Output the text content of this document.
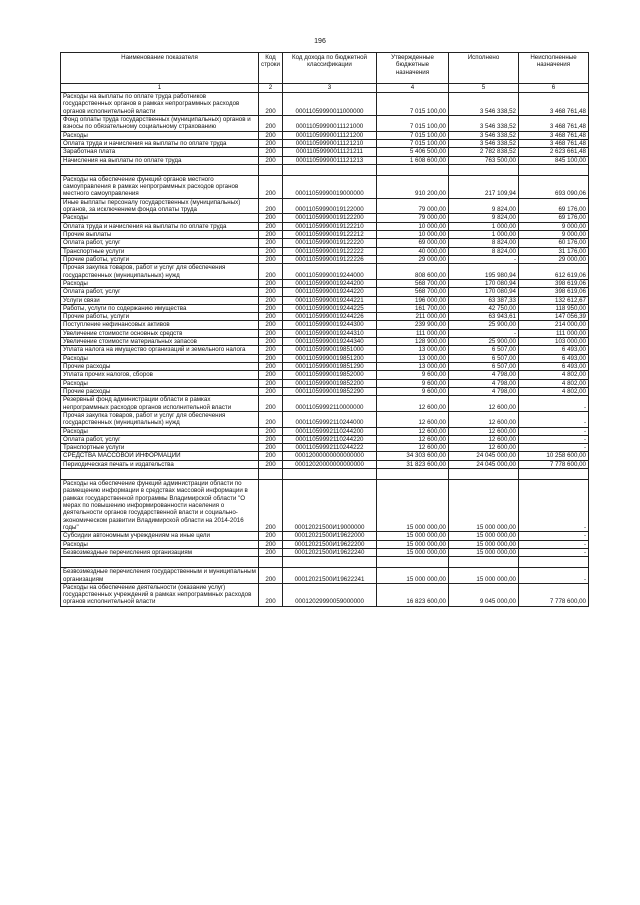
196
Наименование показателя	Код строки	Код дохода по бюджетной классификации	Утвержденные бюджетные назначения	Исполнено	Неисполненные назначения
1	2	3	4	5	6
Расходы на выплаты по оплате труда работников государственных органов в рамках непрограммных расходов органов исполнительной власти	200	00011059990011000000	7 015 100,00	3 546 338,52	3 468 761,48
Фонд оплаты труда государственных (муниципальных) органов и взносы по обязательному социальному страхованию	200	00011059990011121000	7 015 100,00	3 546 338,52	3 468 761,48
Расходы	200	00011059990011121200	7 015 100,00	3 546 338,52	3 468 761,48
Оплата труда и начисления на выплаты по оплате труда	200	00011059990011121210	7 015 100,00	3 546 338,52	3 468 761,48
Заработная плата	200	00011059990011121211	5 406 500,00	2 782 838,52	2 623 661,48
Начисления на выплаты по оплате труда	200	00011059990011121213	1 608 600,00	763 500,00	845 100,00

Расходы на обеспечение функций органов местного самоуправления в рамках непрограммных расходов органов местного самоуправления	200	00011059990019000000	910 200,00	217 109,94	693 090,06
Иные выплаты персоналу государственных (муниципальных) органов, за исключением фонда оплаты труда	200	00011059990019122000	79 000,00	9 824,00	69 176,00
Расходы	200	00011059990019122200	79 000,00	9 824,00	69 176,00
Оплата труда и начисления на выплаты по оплате труда	200	00011059990019122210	10 000,00	1 000,00	9 000,00
Прочие выплаты	200	00011059990019122212	10 000,00	1 000,00	9 000,00
Оплата работ, услуг	200	00011059990019122220	69 000,00	8 824,00	60 176,00
Транспортные услуги	200	00011059990019122222	40 000,00	8 824,00	31 176,00
Прочие работы, услуги	200	00011059990019122226	29 000,00	-	29 000,00
Прочая закупка товаров, работ и услуг для обеспечения государственных (муниципальных) нужд	200	00011059990019244000	808 600,00	195 980,94	612 619,06
Расходы	200	00011059990019244200	568 700,00	170 080,94	398 619,06
Оплата работ, услуг	200	00011059990019244220	568 700,00	170 080,94	398 619,06
Услуги связи	200	00011059990019244221	196 000,00	63 387,33	132 612,67
Работы, услуги по содержанию имущества	200	00011059990019244225	161 700,00	42 750,00	118 950,00
Прочие работы, услуги	200	00011059990019244226	211 000,00	63 943,61	147 056,39
Поступление нефинансовых активов	200	00011059990019244300	239 900,00	25 900,00	214 000,00
Увеличение стоимости основных средств	200	00011059990019244310	111 000,00	-	111 000,00
Увеличение стоимости материальных запасов	200	00011059990019244340	128 900,00	25 900,00	103 000,00
Уплата налога на имущество организаций и земельного налога	200	00011059990019851000	13 000,00	6 507,00	6 493,00
Расходы	200	00011059990019851200	13 000,00	6 507,00	6 493,00
Прочие расходы	200	00011059990019851290	13 000,00	6 507,00	6 493,00
Уплата прочих налогов, сборов	200	00011059990019852000	9 600,00	4 798,00	4 802,00
Расходы	200	00011059990019852200	9 600,00	4 798,00	4 802,00
Прочие расходы	200	00011059990019852290	9 600,00	4 798,00	4 802,00
Резервный фонд администрации области в рамках непрограммных расходов органов исполнительной власти	200	00011059992110000000	12 600,00	12 600,00	-
Прочая закупка товаров, работ и услуг для обеспечения государственных (муниципальных) нужд	200	00011059992110244000	12 600,00	12 600,00	-
Расходы	200	00011059992110244200	12 600,00	12 600,00	-
Оплата работ, услуг	200	00011059992110244220	12 600,00	12 600,00	-
Транспортные услуги	200	00011059992110244222	12 600,00	12 600,00	-
СРЕДСТВА МАССОВОЙ ИНФОРМАЦИИ	200	00012000000000000000	34 303 600,00	24 045 000,00	10 258 600,00
Периодическая печать и издательства	200	00012020000000000000	31 823 600,00	24 045 000,00	7 778 600,00

Расходы на обеспечение функций администрации области по размещению информации в средствах массовой информации в рамках государственной программы Владимирской области "О мерах по повышению информированности населения о деятельности органов государственной власти и социально-экономическом развитии Владимирской области на 2014-2016 годы"	200	00012021500И19000000	15 000 000,00	15 000 000,00	-
Субсидии автономным учреждениям на иные цели	200	00012021500И19622000	15 000 000,00	15 000 000,00	-
Расходы	200	00012021500И19622200	15 000 000,00	15 000 000,00	-
Безвозмездные перечисления организациям	200	00012021500И19622240	15 000 000,00	15 000 000,00	-

Безвозмездные перечисления государственным и муниципальным организациям	200	00012021500И19622241	15 000 000,00	15 000 000,00	-
Расходы на обеспечение деятельности (оказание услуг) государственных учреждений в рамках непрограммных расходов органов исполнительной власти	200	00012029990059000000	16 823 600,00	9 045 000,00	7 778 600,00
